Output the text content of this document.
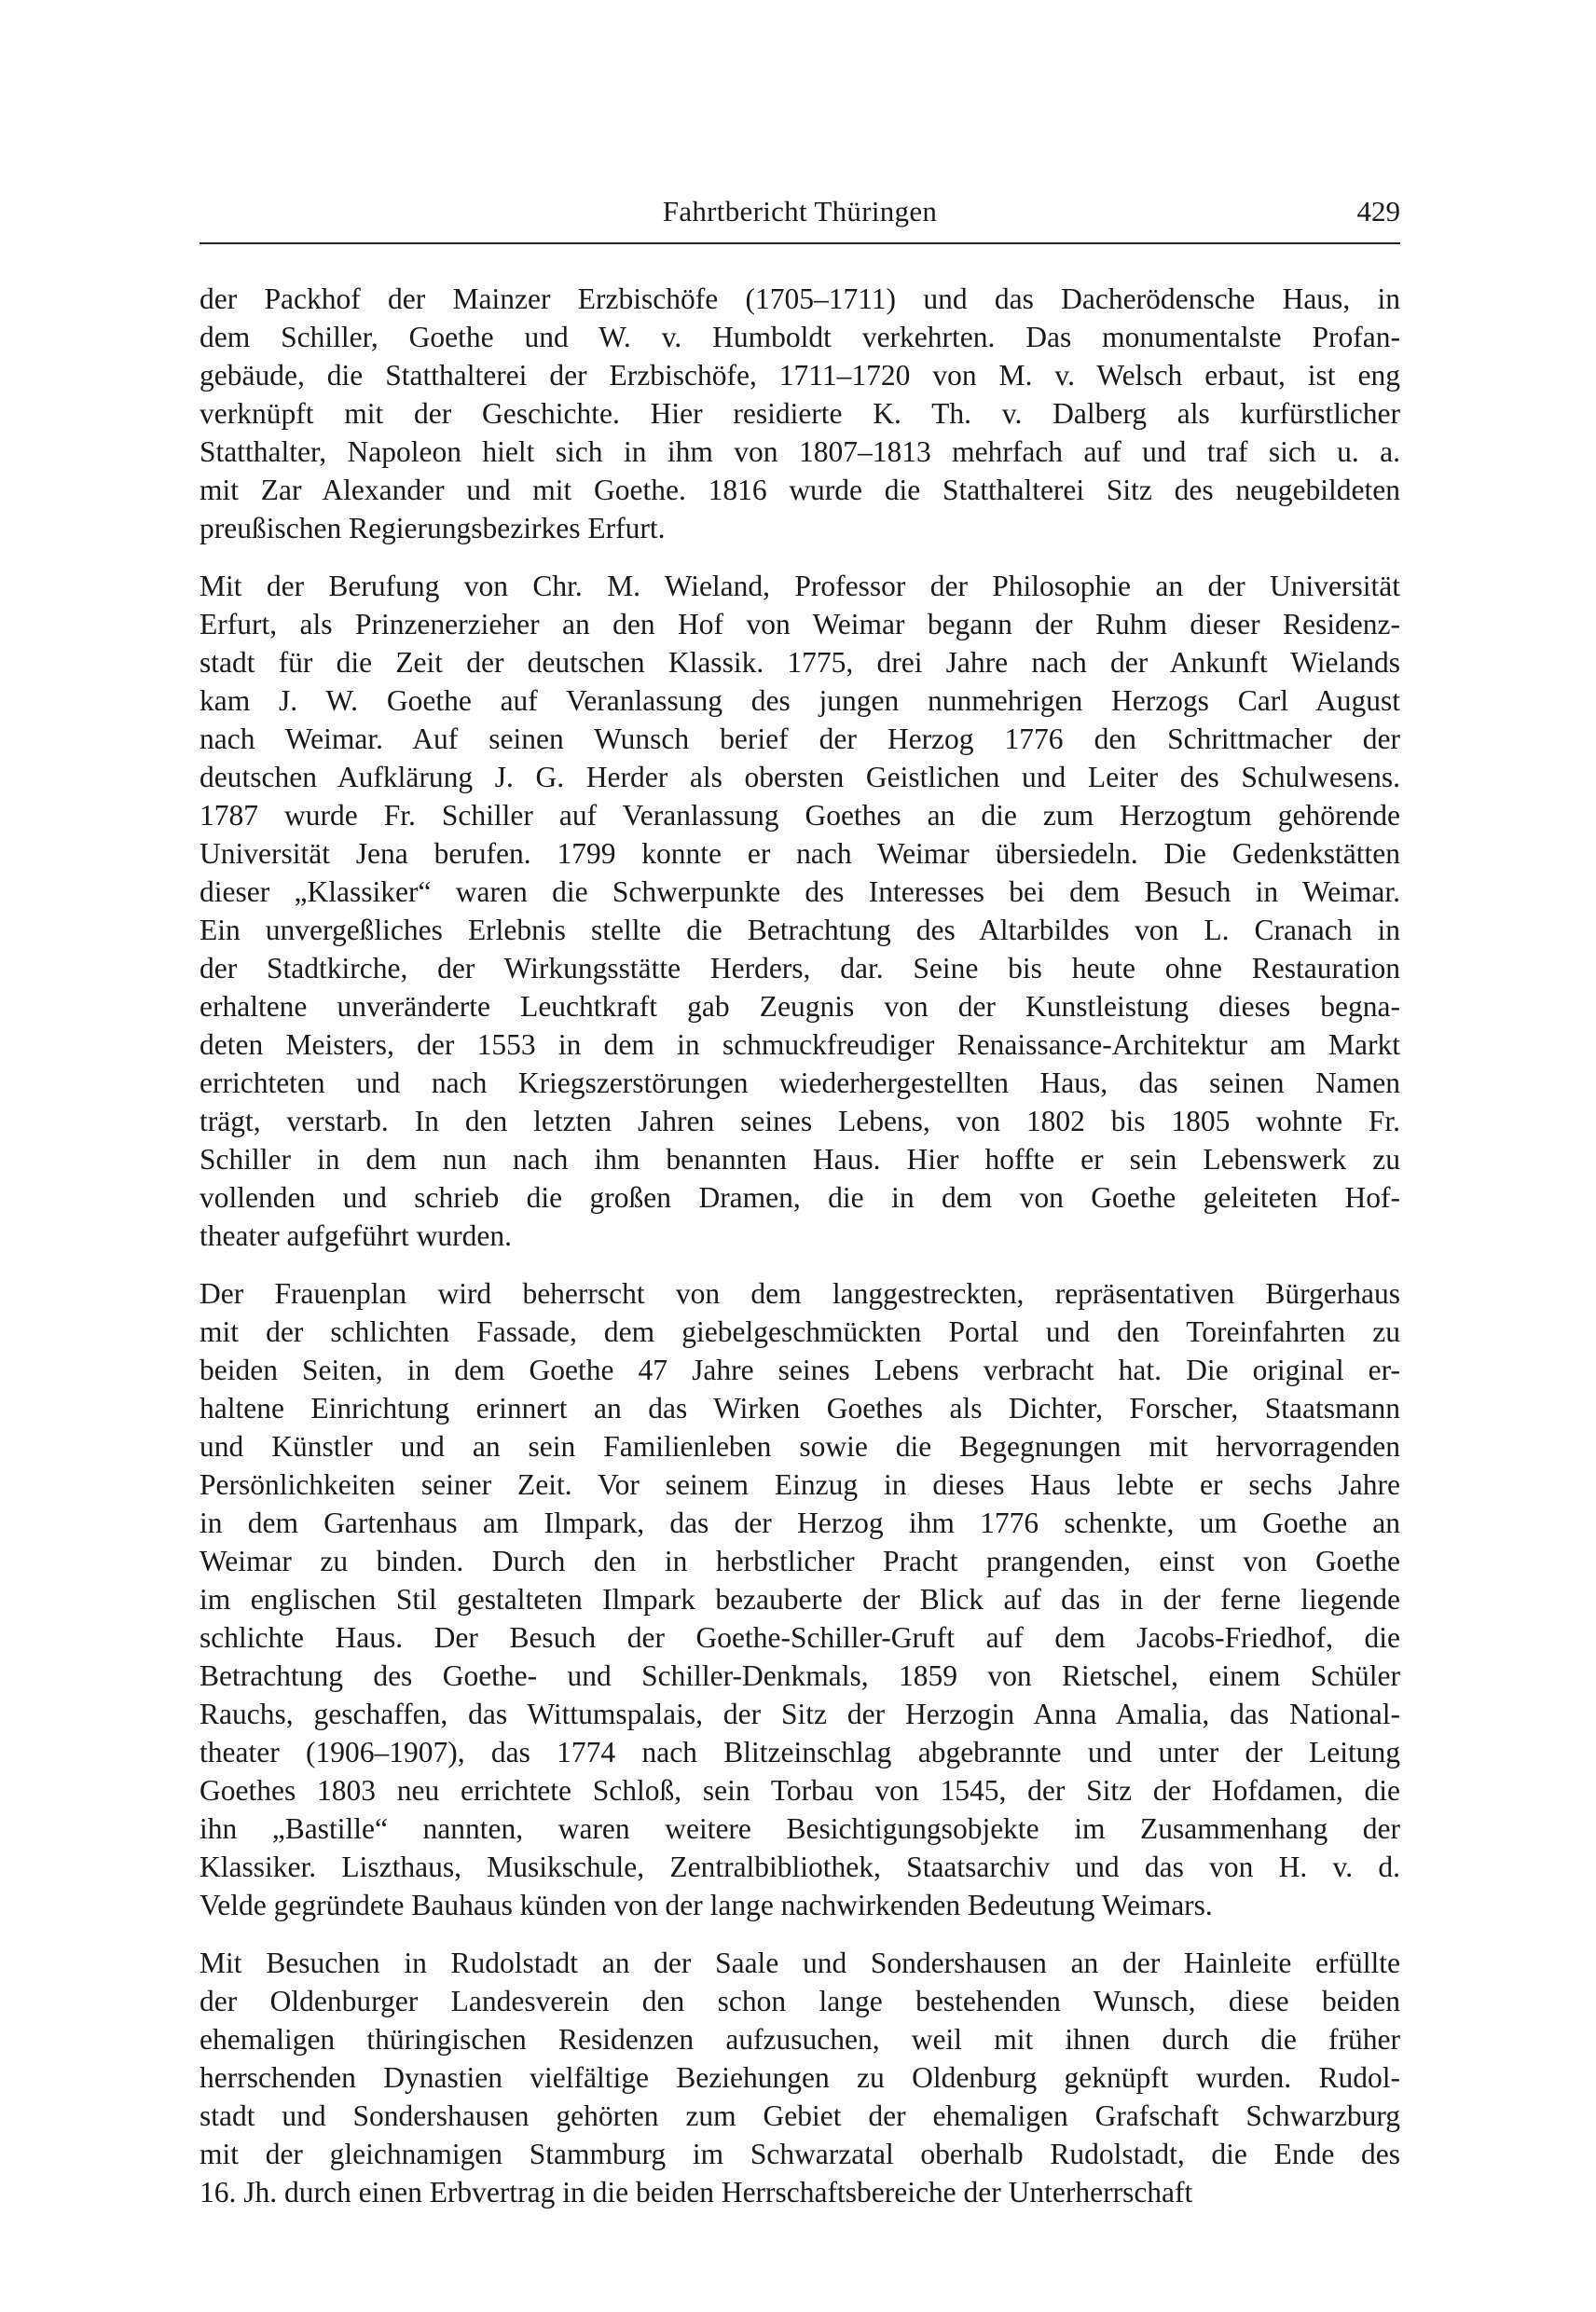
Fahrtbericht Thüringen	429

der Packhof der Mainzer Erzbischöfe (1705–1711) und das Dacherödensche Haus, in
dem Schiller, Goethe und W. v. Humboldt verkehrten. Das monumentalste Profan-
gebäude, die Statthalterei der Erzbischöfe, 1711–1720 von M. v. Welsch erbaut, ist eng
verknüpft mit der Geschichte. Hier residierte K. Th. v. Dalberg als kurfürstlicher
Statthalter, Napoleon hielt sich in ihm von 1807–1813 mehrfach auf und traf sich u. a.
mit Zar Alexander und mit Goethe. 1816 wurde die Statthalterei Sitz des neugebildeten
preußischen Regierungsbezirkes Erfurt.

Mit der Berufung von Chr. M. Wieland, Professor der Philosophie an der Universität
Erfurt, als Prinzenerzieher an den Hof von Weimar begann der Ruhm dieser Residenz-
stadt für die Zeit der deutschen Klassik. 1775, drei Jahre nach der Ankunft Wielands
kam J. W. Goethe auf Veranlassung des jungen nunmehrigen Herzogs Carl August
nach Weimar. Auf seinen Wunsch berief der Herzog 1776 den Schrittmacher der
deutschen Aufklärung J. G. Herder als obersten Geistlichen und Leiter des Schulwesens.
1787 wurde Fr. Schiller auf Veranlassung Goethes an die zum Herzogtum gehörende
Universität Jena berufen. 1799 konnte er nach Weimar übersiedeln. Die Gedenkstätten
dieser „Klassiker“ waren die Schwerpunkte des Interesses bei dem Besuch in Weimar.
Ein unvergeßliches Erlebnis stellte die Betrachtung des Altarbildes von L. Cranach in
der Stadtkirche, der Wirkungsstätte Herders, dar. Seine bis heute ohne Restauration
erhaltene unveränderte Leuchtkraft gab Zeugnis von der Kunstleistung dieses begna-
deten Meisters, der 1553 in dem in schmuckfreudiger Renaissance-Architektur am Markt
errichteten und nach Kriegszerstörungen wiederhergestellten Haus, das seinen Namen
trägt, verstarb. In den letzten Jahren seines Lebens, von 1802 bis 1805 wohnte Fr.
Schiller in dem nun nach ihm benannten Haus. Hier hoffte er sein Lebenswerk zu
vollenden und schrieb die großen Dramen, die in dem von Goethe geleiteten Hof-
theater aufgeführt wurden.

Der Frauenplan wird beherrscht von dem langgestreckten, repräsentativen Bürgerhaus
mit der schlichten Fassade, dem giebelgeschmückten Portal und den Toreinfahrten zu
beiden Seiten, in dem Goethe 47 Jahre seines Lebens verbracht hat. Die original er-
haltene Einrichtung erinnert an das Wirken Goethes als Dichter, Forscher, Staatsmann
und Künstler und an sein Familienleben sowie die Begegnungen mit hervorragenden
Persönlichkeiten seiner Zeit. Vor seinem Einzug in dieses Haus lebte er sechs Jahre
in dem Gartenhaus am Ilmpark, das der Herzog ihm 1776 schenkte, um Goethe an
Weimar zu binden. Durch den in herbstlicher Pracht prangenden, einst von Goethe
im englischen Stil gestalteten Ilmpark bezauberte der Blick auf das in der ferne liegende
schlichte Haus. Der Besuch der Goethe-Schiller-Gruft auf dem Jacobs-Friedhof, die
Betrachtung des Goethe- und Schiller-Denkmals, 1859 von Rietschel, einem Schüler
Rauchs, geschaffen, das Wittumspalais, der Sitz der Herzogin Anna Amalia, das National-
theater (1906–1907), das 1774 nach Blitzeinschlag abgebrannte und unter der Leitung
Goethes 1803 neu errichtete Schloß, sein Torbau von 1545, der Sitz der Hofdamen, die
ihn „Bastille“ nannten, waren weitere Besichtigungsobjekte im Zusammenhang der
Klassiker. Liszthaus, Musikschule, Zentralbibliothek, Staatsarchiv und das von H. v. d.
Velde gegründete Bauhaus künden von der lange nachwirkenden Bedeutung Weimars.

Mit Besuchen in Rudolstadt an der Saale und Sondershausen an der Hainleite erfüllte
der Oldenburger Landesverein den schon lange bestehenden Wunsch, diese beiden
ehemaligen thüringischen Residenzen aufzusuchen, weil mit ihnen durch die früher
herrschenden Dynastien vielfältige Beziehungen zu Oldenburg geknüpft wurden. Rudol-
stadt und Sondershausen gehörten zum Gebiet der ehemaligen Grafschaft Schwarzburg
mit der gleichnamigen Stammburg im Schwarzatal oberhalb Rudolstadt, die Ende des
16. Jh. durch einen Erbvertrag in die beiden Herrschaftsbereiche der Unterherrschaft
